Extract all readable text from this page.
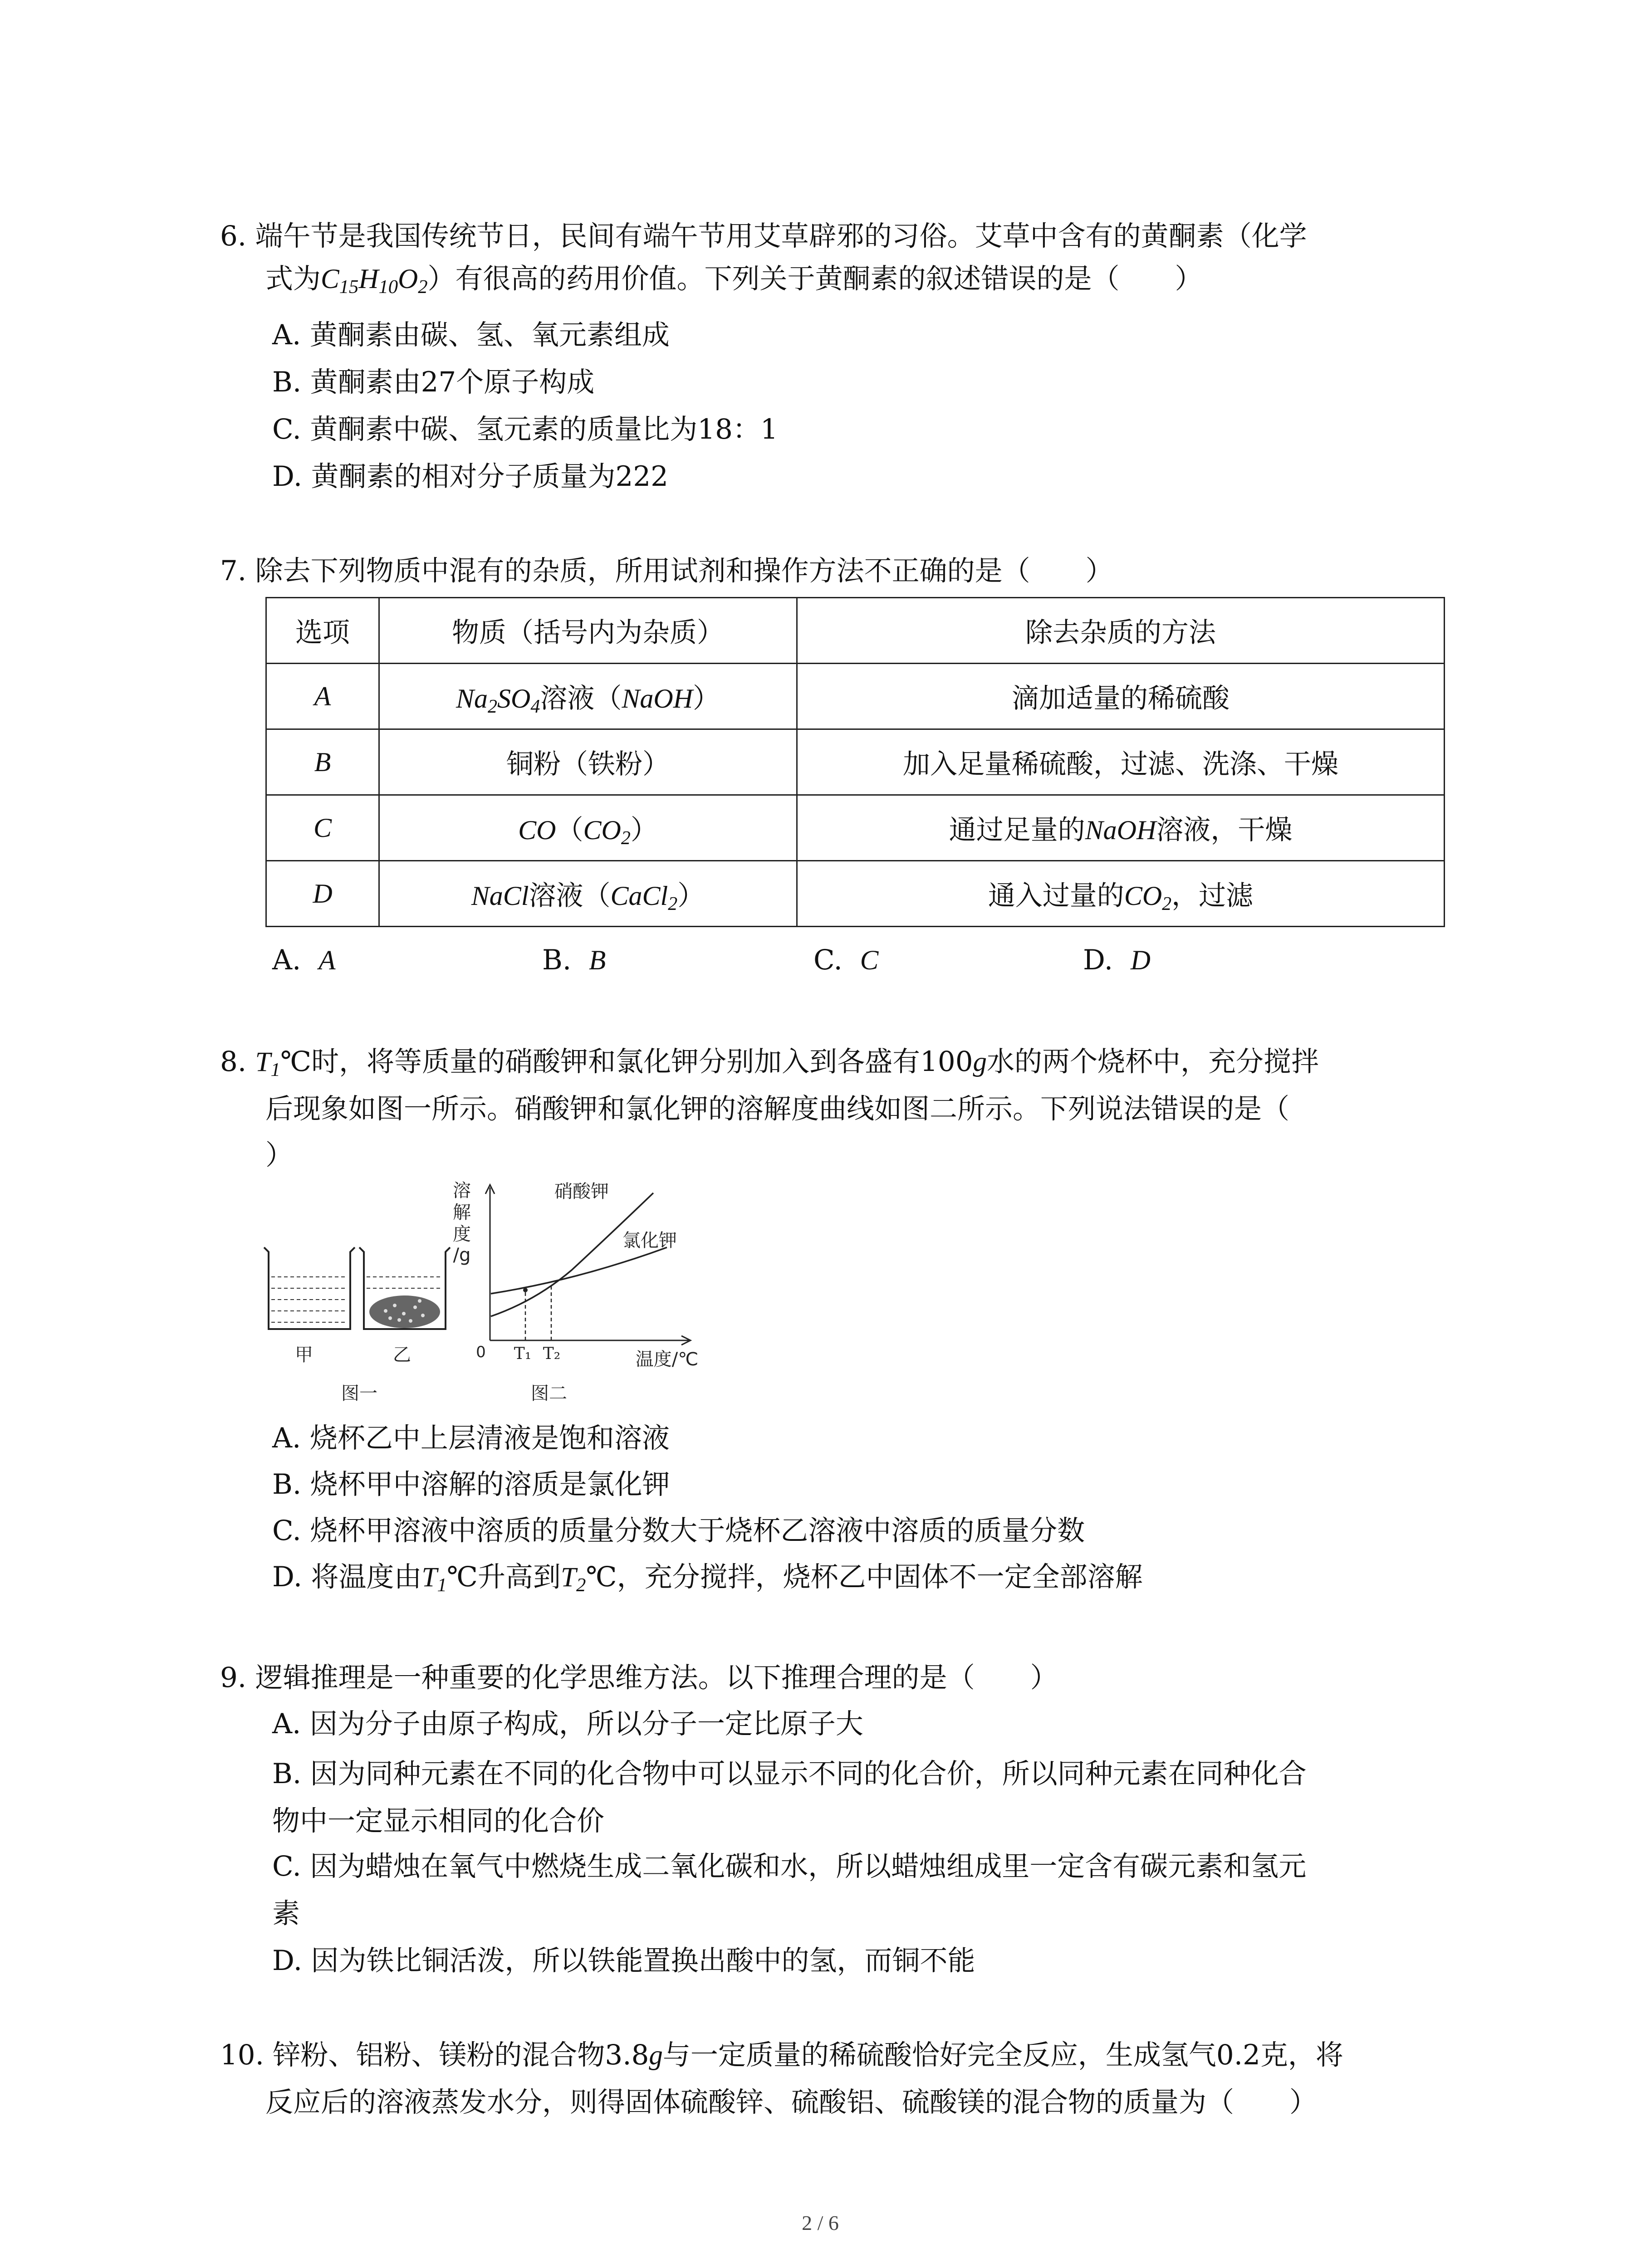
6. 端午节是我国传统节日，民间有端午节用艾草辟邪的习俗。艾草中含有的黄酮素（化学
式为$C_{15}H_{10}O_2$）有很高的药用价值。下列关于黄酮素的叙述错误的是（　　）
A. 黄酮素由碳、氢、氧元素组成
B. 黄酮素由27个原子构成
C. 黄酮素中碳、氢元素的质量比为18：1
D. 黄酮素的相对分子质量为222
7. 除去下列物质中混有的杂质，所用试剂和操作方法不正确的是（　　）
选项	物质（括号内为杂质）	除去杂质的方法
A	$Na_2SO_4$溶液（NaOH）	滴加适量的稀硫酸
B	铜粉（铁粉）	加入足量稀硫酸，过滤、洗涤、干燥
C	$CO(CO_2)$	通过足量的NaOH溶液，干燥
D	NaCl溶液（CaCl$_2$）	通入过量的$CO_2$，过滤
A. A	B. B	C. C	D. D
8. $T_1℃$时，将等质量的硝酸钾和氯化钾分别加入到各盛有100g水的两个烧杯中，充分搅拌
后现象如图一所示。硝酸钾和氯化钾的溶解度曲线如图二所示。下列说法错误的是（
）
甲	乙
图一
溶
解
度
/g
0	温度/℃
T₁ T₂
硝酸钾
氯化钾
图二
A. 烧杯乙中上层清液是饱和溶液
B. 烧杯甲中溶解的溶质是氯化钾
C. 烧杯甲溶液中溶质的质量分数大于烧杯乙溶液中溶质的质量分数
D. 将温度由$T_1℃$升高到$T_2℃$，充分搅拌，烧杯乙中固体不一定全部溶解
9. 逻辑推理是一种重要的化学思维方法。以下推理合理的是（　　）
A. 因为分子由原子构成，所以分子一定比原子大
B. 因为同种元素在不同的化合物中可以显示不同的化合价，所以同种元素在同种化合
物中一定显示相同的化合价
C. 因为蜡烛在氧气中燃烧生成二氧化碳和水，所以蜡烛组成里一定含有碳元素和氢元
素
D. 因为铁比铜活泼，所以铁能置换出酸中的氢，而铜不能
10. 锌粉、铝粉、镁粉的混合物3.8g与一定质量的稀硫酸恰好完全反应，生成氢气0.2克，将
反应后的溶液蒸发水分，则得固体硫酸锌、硫酸铝、硫酸镁的混合物的质量为（　　）
2 / 6
